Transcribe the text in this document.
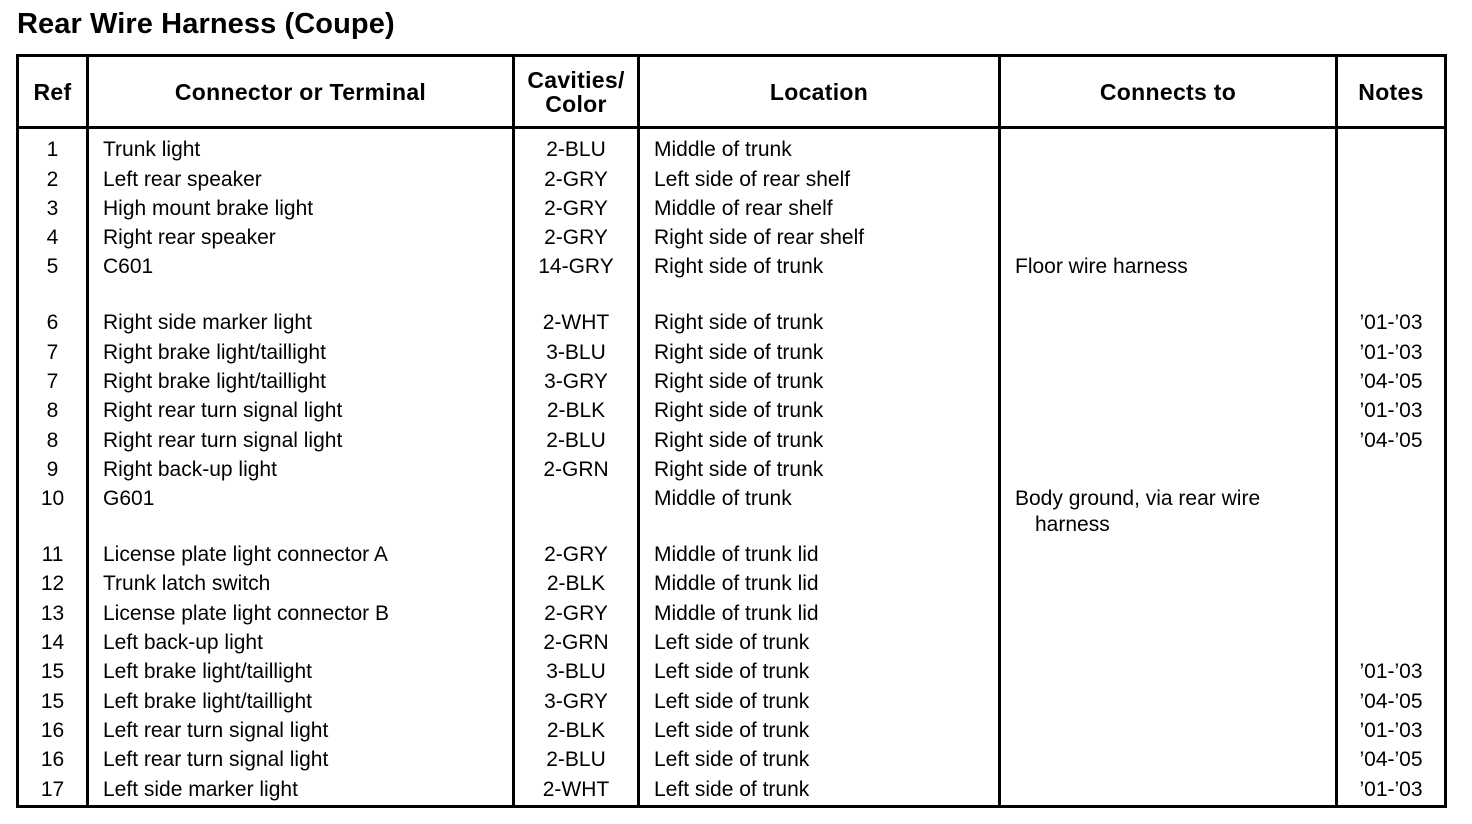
Rear Wire Harness (Coupe)
Ref	Connector or Terminal	Cavities/
Color	Location	Connects to	Notes
1	Trunk light	2-BLU	Middle of trunk		
2	Left rear speaker	2-GRY	Left side of rear shelf		
3	High mount brake light	2-GRY	Middle of rear shelf		
4	Right rear speaker	2-GRY	Right side of rear shelf		
5	C601	14-GRY	Right side of trunk	Floor wire harness	
6	Right side marker light	2-WHT	Right side of trunk		’01-’03
7	Right brake light/taillight	3-BLU	Right side of trunk		’01-’03
7	Right brake light/taillight	3-GRY	Right side of trunk		’04-’05
8	Right rear turn signal light	2-BLK	Right side of trunk		’01-’03
8	Right rear turn signal light	2-BLU	Right side of trunk		’04-’05
9	Right back-up light	2-GRN	Right side of trunk		
10	G601		Middle of trunk	Body ground, via rear wire
harness	

11	License plate light connector A	2-GRY	Middle of trunk lid		
12	Trunk latch switch	2-BLK	Middle of trunk lid		
13	License plate light connector B	2-GRY	Middle of trunk lid		
14	Left back-up light	2-GRN	Left side of trunk		
15	Left brake light/taillight	3-BLU	Left side of trunk		’01-’03
15	Left brake light/taillight	3-GRY	Left side of trunk		’04-’05
16	Left rear turn signal light	2-BLK	Left side of trunk		’01-’03
16	Left rear turn signal light	2-BLU	Left side of trunk		’04-’05
17	Left side marker light	2-WHT	Left side of trunk		’01-’03
